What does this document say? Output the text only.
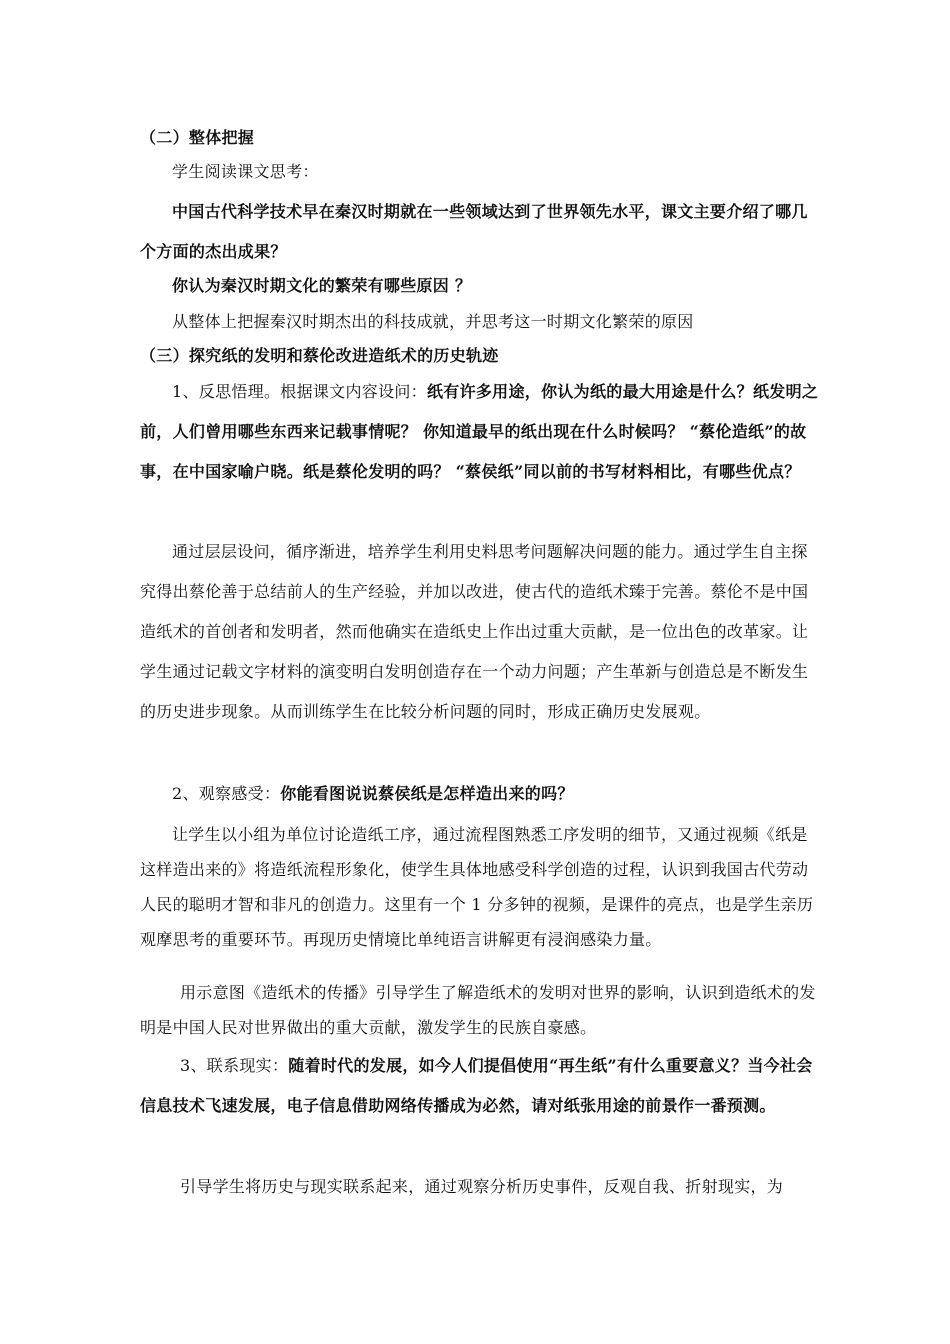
（二）整体把握

学生阅读课文思考：

中国古代科学技术早在秦汉时期就在一些领域达到了世界领先水平，课文主要介绍了哪几个方面的杰出成果？

你认为秦汉时期文化的繁荣有哪些原因 ？

从整体上把握秦汉时期杰出的科技成就，并思考这一时期文化繁荣的原因

（三）探究纸的发明和蔡伦改进造纸术的历史轨迹

1、反思悟理。根据课文内容设问：纸有许多用途，你认为纸的最大用途是什么？纸发明之前，人们曾用哪些东西来记载事情呢？ 你知道最早的纸出现在什么时候吗？ “蔡伦造纸”的故事，在中国家喻户晓。纸是蔡伦发明的吗？ “蔡侯纸”同以前的书写材料相比，有哪些优点？

通过层层设问，循序渐进，培养学生利用史料思考问题解决问题的能力。通过学生自主探究得出蔡伦善于总结前人的生产经验，并加以改进，使古代的造纸术臻于完善。蔡伦不是中国造纸术的首创者和发明者，然而他确实在造纸史上作出过重大贡献，是一位出色的改革家。让学生通过记载文字材料的演变明白发明创造存在一个动力问题；产生革新与创造总是不断发生的历史进步现象。从而训练学生在比较分析问题的同时，形成正确历史发展观。

2、观察感受：你能看图说说蔡侯纸是怎样造出来的吗？

让学生以小组为单位讨论造纸工序，通过流程图熟悉工序发明的细节，又通过视频《纸是这样造出来的》将造纸流程形象化，使学生具体地感受科学创造的过程，认识到我国古代劳动人民的聪明才智和非凡的创造力。这里有一个 1 分多钟的视频，是课件的亮点，也是学生亲历观摩思考的重要环节。再现历史情境比单纯语言讲解更有浸润感染力量。

用示意图《造纸术的传播》引导学生了解造纸术的发明对世界的影响，认识到造纸术的发明是中国人民对世界做出的重大贡献，激发学生的民族自豪感。

3、联系现实：随着时代的发展，如今人们提倡使用“再生纸”有什么重要意义？当今社会信息技术飞速发展，电子信息借助网络传播成为必然，请对纸张用途的前景作一番预测。

引导学生将历史与现实联系起来，通过观察分析历史事件，反观自我、折射现实，为
